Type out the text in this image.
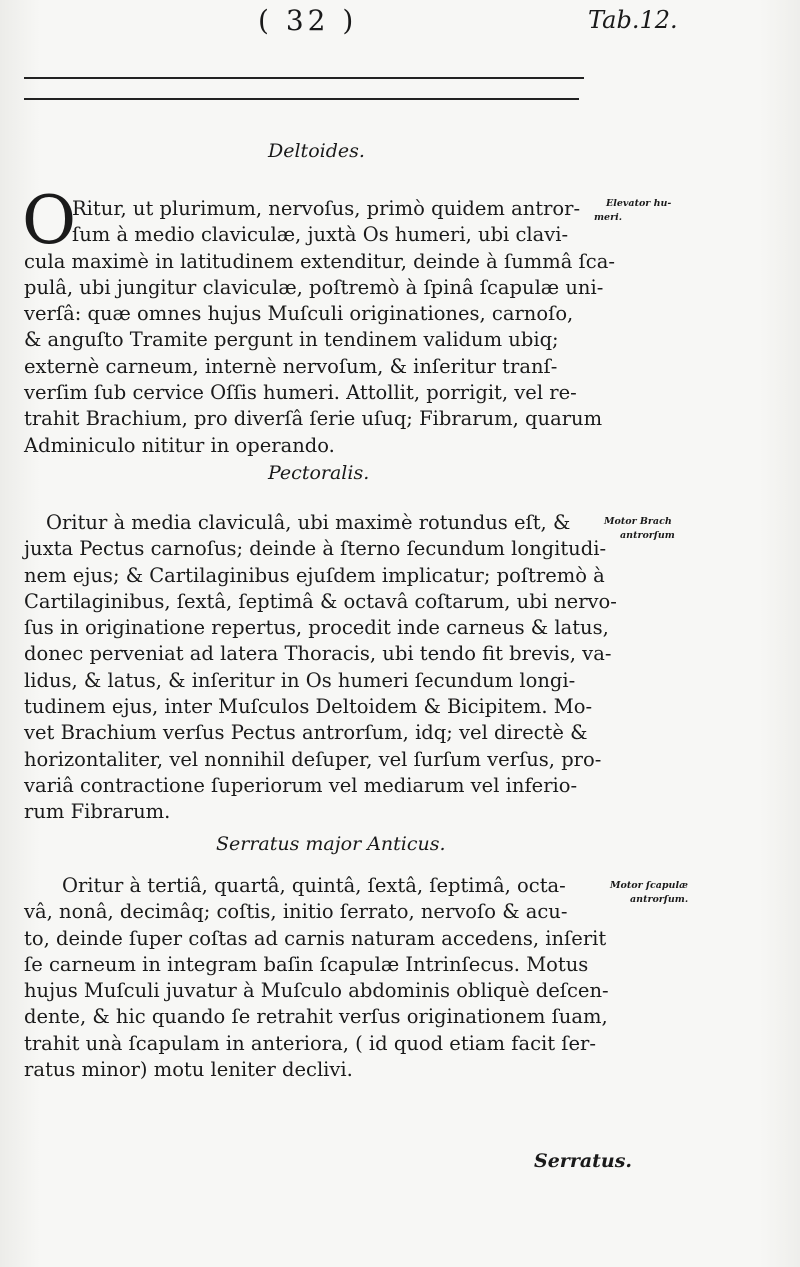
( 32 )	Tab.12.
Deltoides.
O
Ritur, ut plurimum, nervoſus, primò quidem antror-
ſum à medio claviculæ, juxtà Os humeri, ubi clavi-
cula maximè in latitudinem extenditur, deinde à ſummâ ſca-
pulâ, ubi jungitur claviculæ, poſtremò à ſpinâ ſcapulæ uni-
verſâ: quæ omnes hujus Muſculi originationes, carnoſo,
& anguſto Tramite pergunt in tendinem validum ubiq;
externè carneum, internè nervoſum, & inſeritur tranſ-
verſim ſub cervice Oſſis humeri. Attollit, porrigit, vel re-
trahit Brachium, pro diverſâ ſerie uſuq; Fibrarum, quarum
Adminiculo nititur in operando.
Elevator hu-
meri.
Pectoralis.
Oritur à media claviculâ, ubi maximè rotundus eſt, &
juxta Pectus carnoſus; deinde à ſterno ſecundum longitudi-
nem ejus; & Cartilaginibus ejuſdem implicatur; poſtremò à
Cartilaginibus, ſextâ, ſeptimâ & octavâ coſtarum, ubi nervo-
ſus in originatione repertus, procedit inde carneus & latus,
donec perveniat ad latera Thoracis, ubi tendo fit brevis, va-
lidus, & latus, & inſeritur in Os humeri ſecundum longi-
tudinem ejus, inter Muſculos Deltoidem & Bicipitem. Mo-
vet Brachium verſus Pectus antrorſum, idq; vel directè &
horizontaliter, vel nonnihil deſuper, vel ſurſum verſus, pro-
variâ contractione ſuperiorum vel mediarum vel inferio-
rum Fibrarum.
Motor Brach
antrorſum
Serratus major Anticus.
Oritur à tertiâ, quartâ, quintâ, ſextâ, ſeptimâ, octa-
vâ, nonâ, decimâq; coſtis, initio ſerrato, nervoſo & acu-
to, deinde ſuper coſtas ad carnis naturam accedens, inſerit
ſe carneum in integram baſin ſcapulæ Intrinſecus. Motus
hujus Muſculi juvatur à Muſculo abdominis obliquè deſcen-
dente, & hic quando ſe retrahit verſus originationem ſuam,
trahit unà ſcapulam in anteriora, ( id quod etiam facit ſer-
ratus minor) motu leniter declivi.
Motor ſcapulæ
antrorſum.
Serratus.
